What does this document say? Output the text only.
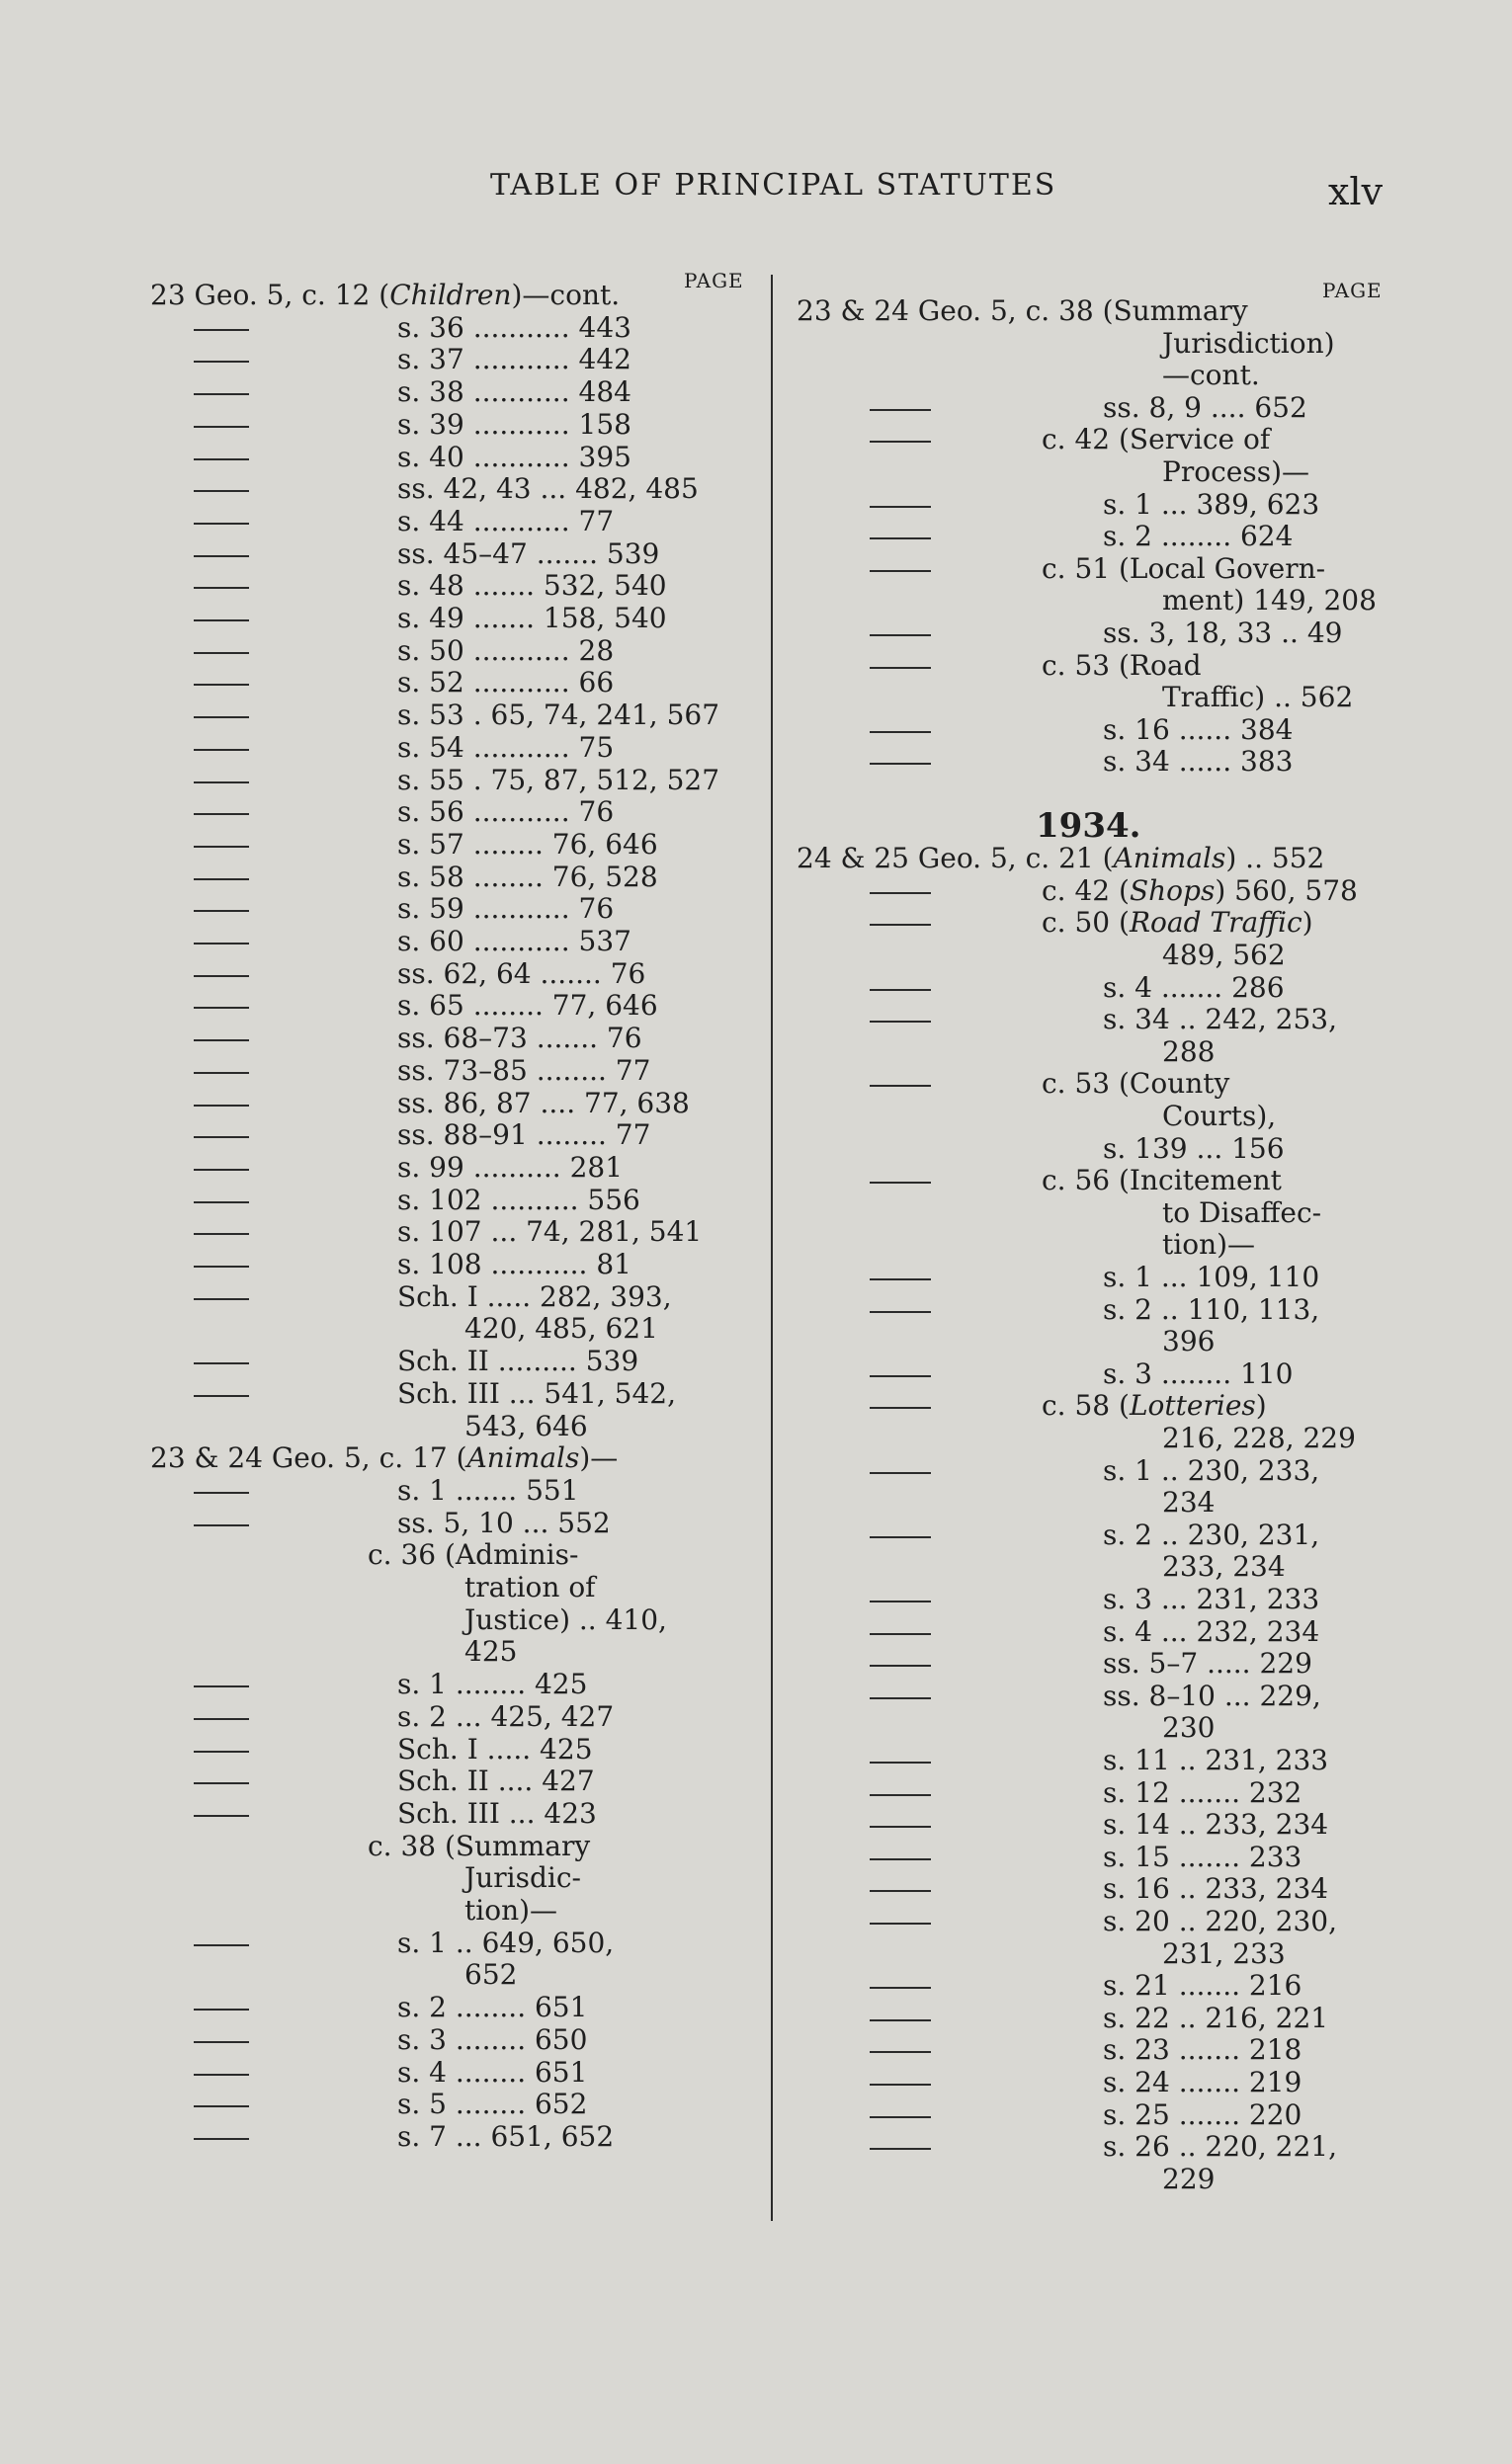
TABLE OF PRINCIPAL STATUTES	xlv
PAGE	PAGE
23 Geo. 5, c. 12 (Children)—cont.
s. 36 ........... 443
s. 37 ........... 442
s. 38 ........... 484
s. 39 ........... 158
s. 40 ........... 395
ss. 42, 43 ... 482, 485
s. 44 ........... 77
ss. 45–47 ....... 539
s. 48 ....... 532, 540
s. 49 ....... 158, 540
s. 50 ........... 28
s. 52 ........... 66
s. 53 . 65, 74, 241, 567
s. 54 ........... 75
s. 55 . 75, 87, 512, 527
s. 56 ........... 76
s. 57 ........ 76, 646
s. 58 ........ 76, 528
s. 59 ........... 76
s. 60 ........... 537
ss. 62, 64 ....... 76
s. 65 ........ 77, 646
ss. 68–73 ....... 76
ss. 73–85 ........ 77
ss. 86, 87 .... 77, 638
ss. 88–91 ........ 77
s. 99 .......... 281
s. 102 .......... 556
s. 107 ... 74, 281, 541
s. 108 ........... 81
Sch. I ..... 282, 393,
420, 485, 621
Sch. II ......... 539
Sch. III ... 541, 542,
543, 646
23 & 24 Geo. 5, c. 17 (Animals)—
s. 1 ....... 551
ss. 5, 10 ... 552
c. 36 (Adminis-
tration of
Justice) .. 410,
425
s. 1 ........ 425
s. 2 ... 425, 427
Sch. I ..... 425
Sch. II .... 427
Sch. III ... 423
c. 38 (Summary
Jurisdic-
tion)—
s. 1 .. 649, 650,
652
s. 2 ........ 651
s. 3 ........ 650
s. 4 ........ 651
s. 5 ........ 652
s. 7 ... 651, 652
23 & 24 Geo. 5, c. 38 (Summary
Jurisdiction)
—cont.
ss. 8, 9 .... 652
c. 42 (Service of
Process)—
s. 1 ... 389, 623
s. 2 ........ 624
c. 51 (Local Govern-
ment) 149, 208
ss. 3, 18, 33 .. 49
c. 53 (Road
Traffic) .. 562
s. 16 ...... 384
s. 34 ...... 383
1934.
24 & 25 Geo. 5, c. 21 (Animals) .. 552
c. 42 (Shops) 560, 578
c. 50 (Road Traffic)
489, 562
s. 4 ....... 286
s. 34 .. 242, 253,
288
c. 53 (County
Courts),
s. 139 ... 156
c. 56 (Incitement
to Disaffec-
tion)—
s. 1 ... 109, 110
s. 2 .. 110, 113,
396
s. 3 ........ 110
c. 58 (Lotteries)
216, 228, 229
s. 1 .. 230, 233,
234
s. 2 .. 230, 231,
233, 234
s. 3 ... 231, 233
s. 4 ... 232, 234
ss. 5–7 ..... 229
ss. 8–10 ... 229,
230
s. 11 .. 231, 233
s. 12 ....... 232
s. 14 .. 233, 234
s. 15 ....... 233
s. 16 .. 233, 234
s. 20 .. 220, 230,
231, 233
s. 21 ....... 216
s. 22 .. 216, 221
s. 23 ....... 218
s. 24 ....... 219
s. 25 ....... 220
s. 26 .. 220, 221,
229
